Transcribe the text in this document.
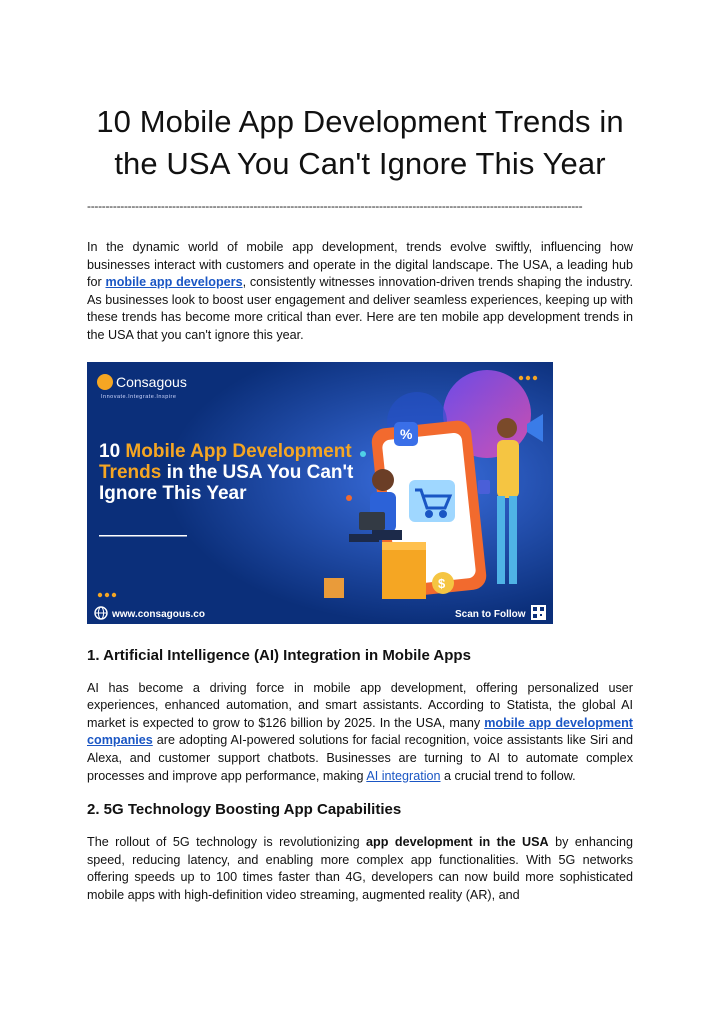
10 Mobile App Development Trends in
the USA You Can't Ignore This Year
--------------------------------------------------------------------------------------------------------------------------------------

In the dynamic world of mobile app development, trends evolve swiftly, influencing how businesses interact with customers and operate in the digital landscape. The USA, a leading hub for mobile app developers, consistently witnesses innovation-driven trends shaping the industry. As businesses look to boost user engagement and deliver seamless experiences, keeping up with these trends has become more critical than ever. Here are ten mobile app development trends in the USA that you can't ignore this year.

Consagous
Innovate.Integrate.Inspire
10 Mobile App Development
Trends in the USA You Can't
Ignore This Year
%
$
www.consagous.co	Scan to Follow
1. Artificial Intelligence (AI) Integration in Mobile Apps

AI has become a driving force in mobile app development, offering personalized user experiences, enhanced automation, and smart assistants. According to Statista, the global AI market is expected to grow to $126 billion by 2025. In the USA, many mobile app development companies are adopting AI-powered solutions for facial recognition, voice assistants like Siri and Alexa, and customer support chatbots. Businesses are turning to AI to automate complex processes and improve app performance, making AI integration a crucial trend to follow.

2. 5G Technology Boosting App Capabilities

The rollout of 5G technology is revolutionizing app development in the USA by enhancing speed, reducing latency, and enabling more complex app functionalities. With 5G networks offering speeds up to 100 times faster than 4G, developers can now build more sophisticated mobile apps with high-definition video streaming, augmented reality (AR), and
